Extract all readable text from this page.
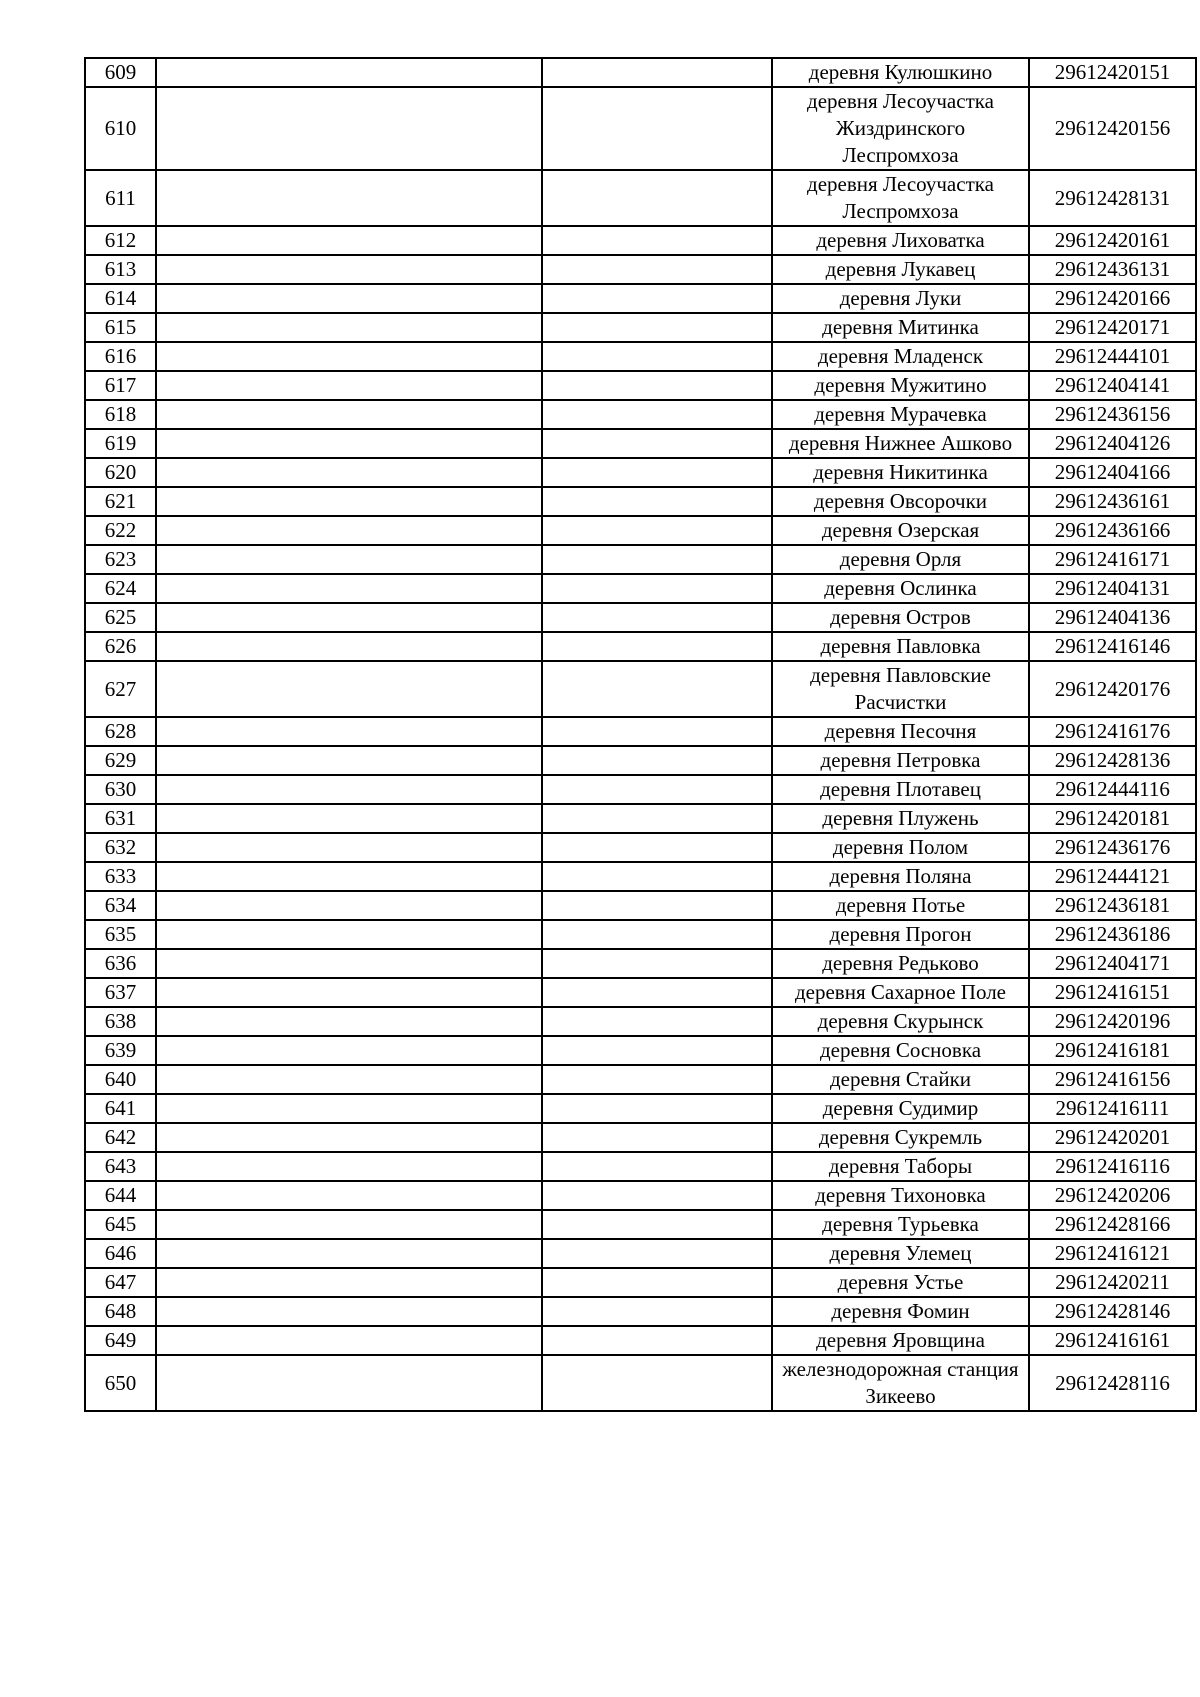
609			деревня Кулюшкино	29612420151
610			деревня Лесоучастка Жиздринского Леспромхоза	29612420156
611			деревня Лесоучастка Леспромхоза	29612428131
612			деревня Лиховатка	29612420161
613			деревня Лукавец	29612436131
614			деревня Луки	29612420166
615			деревня Митинка	29612420171
616			деревня Младенск	29612444101
617			деревня Мужитино	29612404141
618			деревня Мурачевка	29612436156
619			деревня Нижнее Ашково	29612404126
620			деревня Никитинка	29612404166
621			деревня Овсорочки	29612436161
622			деревня Озерская	29612436166
623			деревня Орля	29612416171
624			деревня Ослинка	29612404131
625			деревня Остров	29612404136
626			деревня Павловка	29612416146
627			деревня Павловские Расчистки	29612420176
628			деревня Песочня	29612416176
629			деревня Петровка	29612428136
630			деревня Плотавец	29612444116
631			деревня Плужень	29612420181
632			деревня Полом	29612436176
633			деревня Поляна	29612444121
634			деревня Потье	29612436181
635			деревня Прогон	29612436186
636			деревня Редьково	29612404171
637			деревня Сахарное Поле	29612416151
638			деревня Скурынск	29612420196
639			деревня Сосновка	29612416181
640			деревня Стайки	29612416156
641			деревня Судимир	29612416111
642			деревня Сукремль	29612420201
643			деревня Таборы	29612416116
644			деревня Тихоновка	29612420206
645			деревня Турьевка	29612428166
646			деревня Улемец	29612416121
647			деревня Устье	29612420211
648			деревня Фомин	29612428146
649			деревня Яровщина	29612416161
650			железнодорожная станция Зикеево	29612428116
